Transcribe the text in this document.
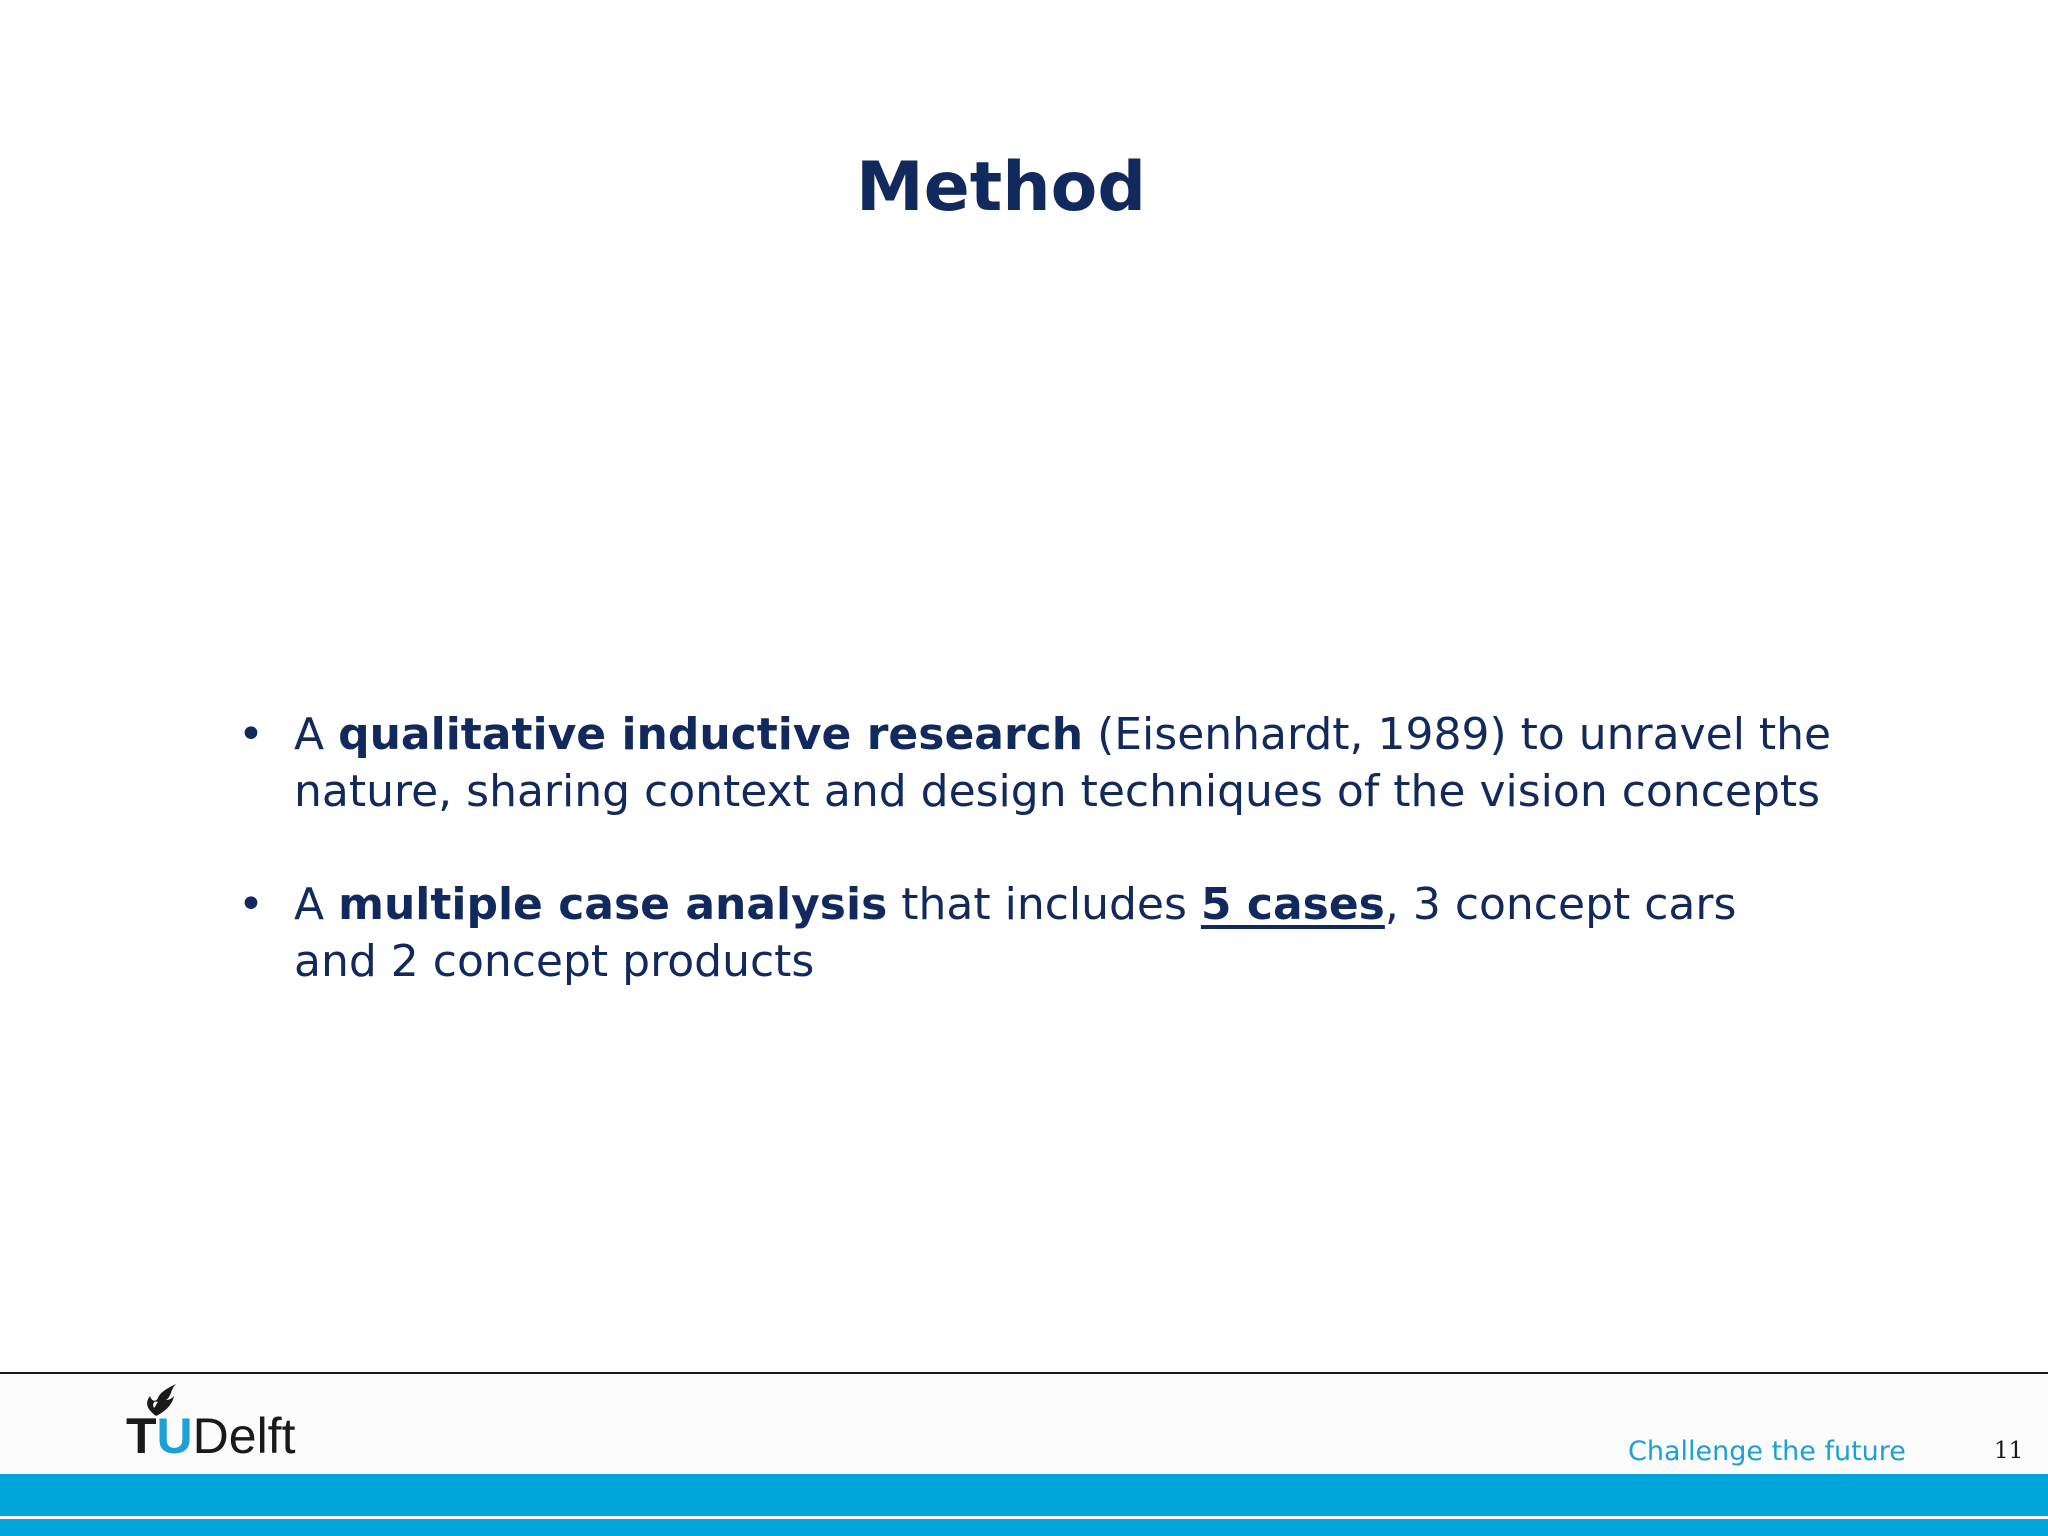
Method
• A qualitative inductive research (Eisenhardt, 1989) to unravel the nature, sharing context and design techniques of the vision concepts
• A multiple case analysis that includes 5 cases, 3 concept cars and 2 concept products
TUDelft	Challenge the future	11
